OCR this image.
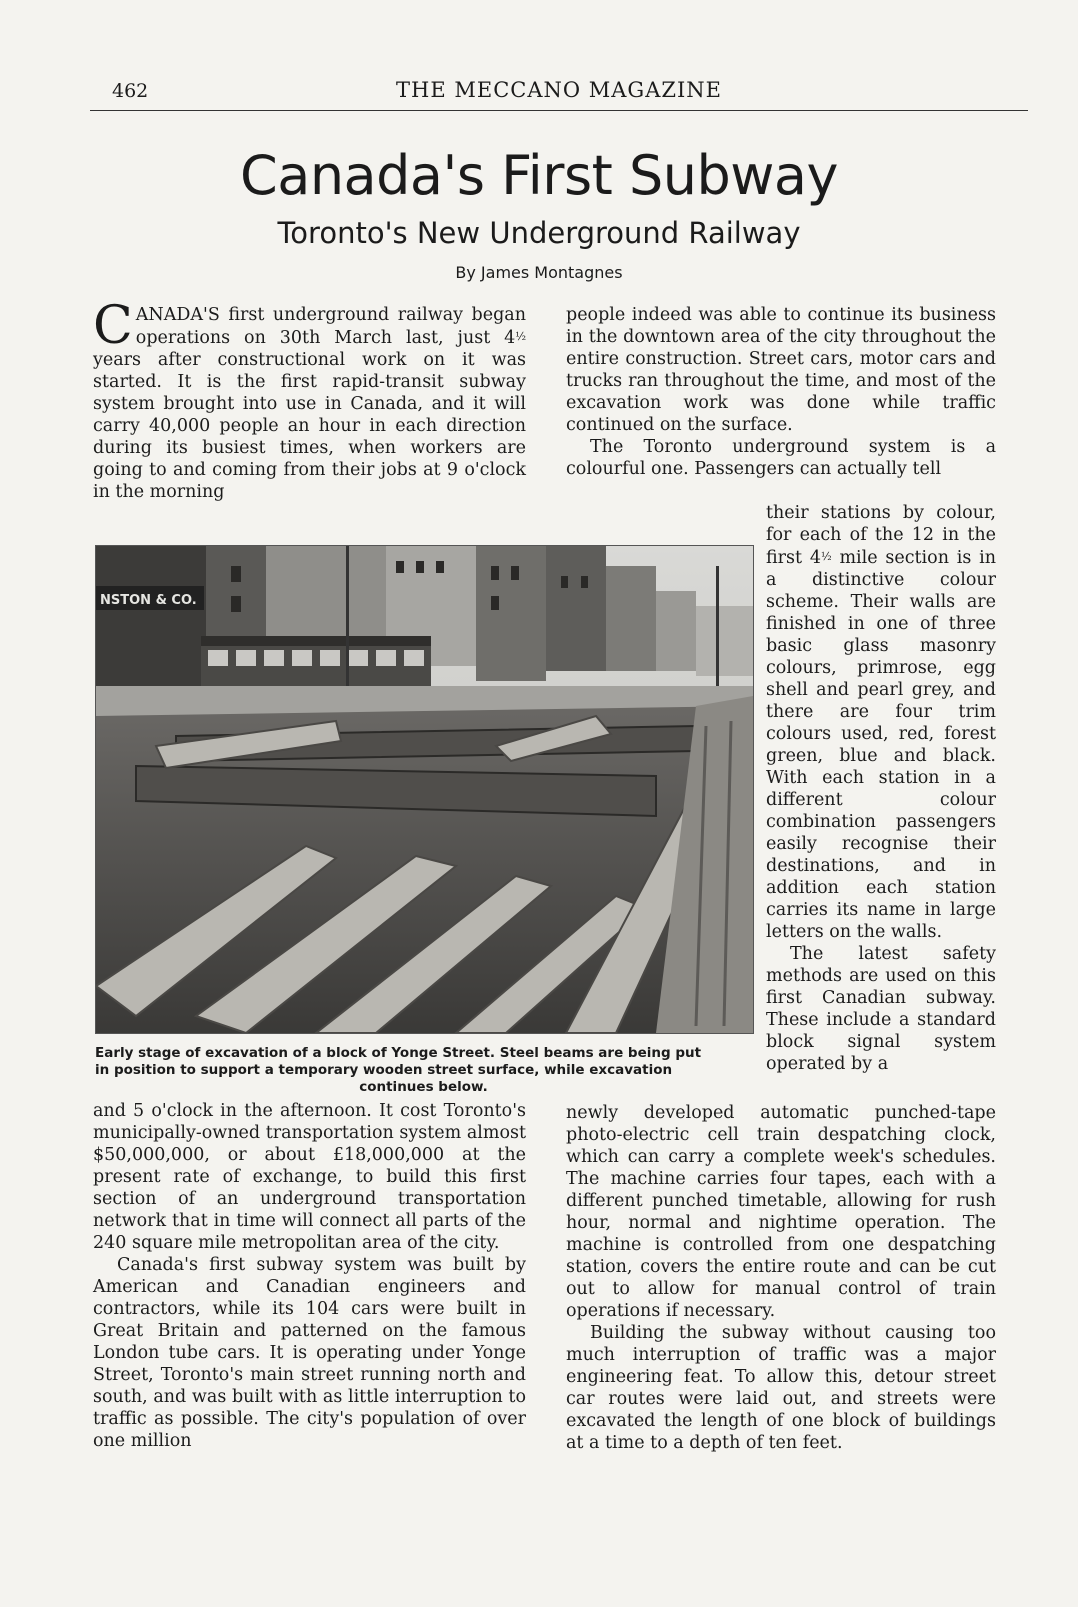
462	THE MECCANO MAGAZINE
Canada's First Subway
Toronto's New Underground Railway
By James Montagnes

CANADA'S first underground railway began operations on 30th March last, just 4½ years after constructional work on it was started. It is the first rapid-transit subway system brought into use in Canada, and it will carry 40,000 people an hour in each direction during its busiest times, when workers are going to and coming from their jobs at 9 o'clock in the morning

people indeed was able to continue its business in the downtown area of the city throughout the entire construction. Street cars, motor cars and trucks ran throughout the time, and most of the excavation work was done while traffic continued on the surface.

The Toronto underground system is a colourful one. Passengers can actually tell

their stations by colour, for each of the 12 in the first 4½ mile section is in a distinctive colour scheme. Their walls are finished in one of three basic glass masonry colours, primrose, egg shell and pearl grey, and there are four trim colours used, red, forest green, blue and black. With each station in a different colour combination passengers easily recognise their destinations, and in addition each station carries its name in large letters on the walls.

The latest safety methods are used on this first Canadian subway. These include a standard block signal system operated by a

NSTON & CO.
Early stage of excavation of a block of Yonge Street. Steel beams are being put
in position to support a temporary wooden street surface, while excavation
continues below.

and 5 o'clock in the afternoon. It cost Toronto's municipally-owned transportation system almost $50,000,000, or about £18,000,000 at the present rate of exchange, to build this first section of an underground transportation network that in time will connect all parts of the 240 square mile metropolitan area of the city.

Canada's first subway system was built by American and Canadian engineers and contractors, while its 104 cars were built in Great Britain and patterned on the famous London tube cars. It is operating under Yonge Street, Toronto's main street running north and south, and was built with as little interruption to traffic as possible. The city's population of over one million

newly developed automatic punched-tape photo-electric cell train despatching clock, which can carry a complete week's schedules. The machine carries four tapes, each with a different punched timetable, allowing for rush hour, normal and nightime operation. The machine is controlled from one despatching station, covers the entire route and can be cut out to allow for manual control of train operations if necessary.

Building the subway without causing too much interruption of traffic was a major engineering feat. To allow this, detour street car routes were laid out, and streets were excavated the length of one block of buildings at a time to a depth of ten feet.
